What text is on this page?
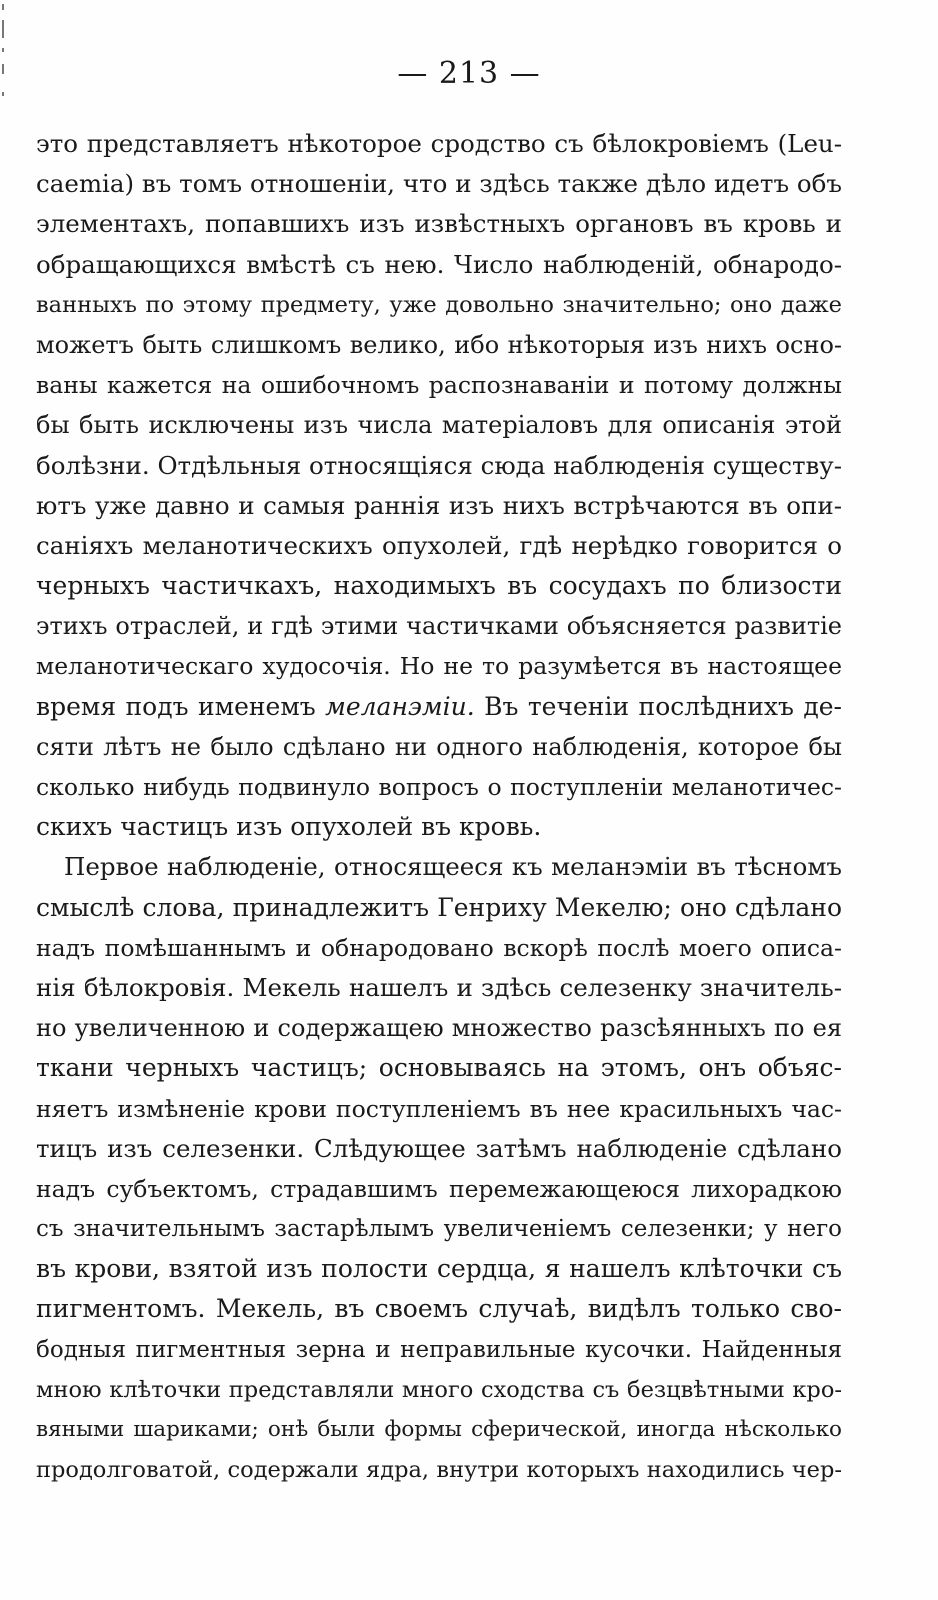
— 213 —
это представляетъ нѣкоторое сродство съ бѣлокровіемъ (Leu-
caemia) въ томъ отношеніи, что и здѣсь также дѣло идетъ объ
элементахъ, попавшихъ изъ извѣстныхъ органовъ въ кровь и
обращающихся вмѣстѣ съ нею. Число наблюденій, обнародо-
ванныхъ по этому предмету, уже довольно значительно; оно даже
можетъ быть слишкомъ велико, ибо нѣкоторыя изъ нихъ осно-
ваны кажется на ошибочномъ распознаваніи и потому должны
бы быть исключены изъ числа матеріаловъ для описанія этой
болѣзни. Отдѣльныя относящіяся сюда наблюденія существу-
ютъ уже давно и самыя раннія изъ нихъ встрѣчаются въ опи-
саніяхъ меланотическихъ опухолей, гдѣ нерѣдко говорится о
черныхъ частичкахъ, находимыхъ въ сосудахъ по близости
этихъ отраслей, и гдѣ этими частичками объясняется развитіе
меланотическаго худосочія. Но не то разумѣется въ настоящее
время подъ именемъ меланэміи. Въ теченіи послѣднихъ де-
сяти лѣтъ не было сдѣлано ни одного наблюденія, которое бы
сколько нибудь подвинуло вопросъ о поступленіи меланотичес-
скихъ частицъ изъ опухолей въ кровь.
Первое наблюденіе, относящееся къ меланэміи въ тѣсномъ
смыслѣ слова, принадлежитъ Генриху Мекелю; оно сдѣлано
надъ помѣшаннымъ и обнародовано вскорѣ послѣ моего описа-
нія бѣлокровія. Мекель нашелъ и здѣсь селезенку значитель-
но увеличенною и содержащею множество разсѣянныхъ по ея
ткани черныхъ частицъ; основываясь на этомъ, онъ объяс-
няетъ измѣненіе крови поступленіемъ въ нее красильныхъ час-
тицъ изъ селезенки. Слѣдующее затѣмъ наблюденіе сдѣлано
надъ субъектомъ, страдавшимъ перемежающеюся лихорадкою
съ значительнымъ застарѣлымъ увеличеніемъ селезенки; у него
въ крови, взятой изъ полости сердца, я нашелъ клѣточки съ
пигментомъ. Мекель, въ своемъ случаѣ, видѣлъ только сво-
бодныя пигментныя зерна и неправильные кусочки. Найденныя
мною клѣточки представляли много сходства съ безцвѣтными кро-
вяными шариками; онѣ были формы сферической, иногда нѣсколько
продолговатой, содержали ядра, внутри которыхъ находились чер-
